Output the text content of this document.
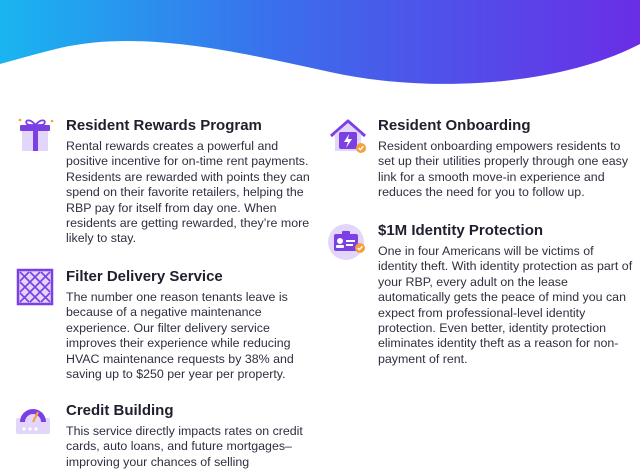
Resident Rewards Program

Rental rewards creates a powerful and positive incentive for on-time rent payments. Residents are rewarded with points they can spend on their favorite retailers, helping the RBP pay for itself from day one. When residents are getting rewarded, they’re more likely to stay.

Filter Delivery Service

The number one reason tenants leave is because of a negative maintenance experience. Our filter delivery service improves their experience while reducing HVAC maintenance requests by 38% and saving up to $250 per year per property.

Credit Building

This service directly impacts rates on credit cards, auto loans, and future mortgages–improving your chances of selling

Resident Onboarding

Resident onboarding empowers residents to set up their utilities properly through one easy link for a smooth move-in experience and reduces the need for you to follow up.

$1M Identity Protection

One in four Americans will be victims of identity theft. With identity protection as part of your RBP, every adult on the lease automatically gets the peace of mind you can expect from professional-level identity protection. Even better, identity protection eliminates identity theft as a reason for non-payment of rent.
